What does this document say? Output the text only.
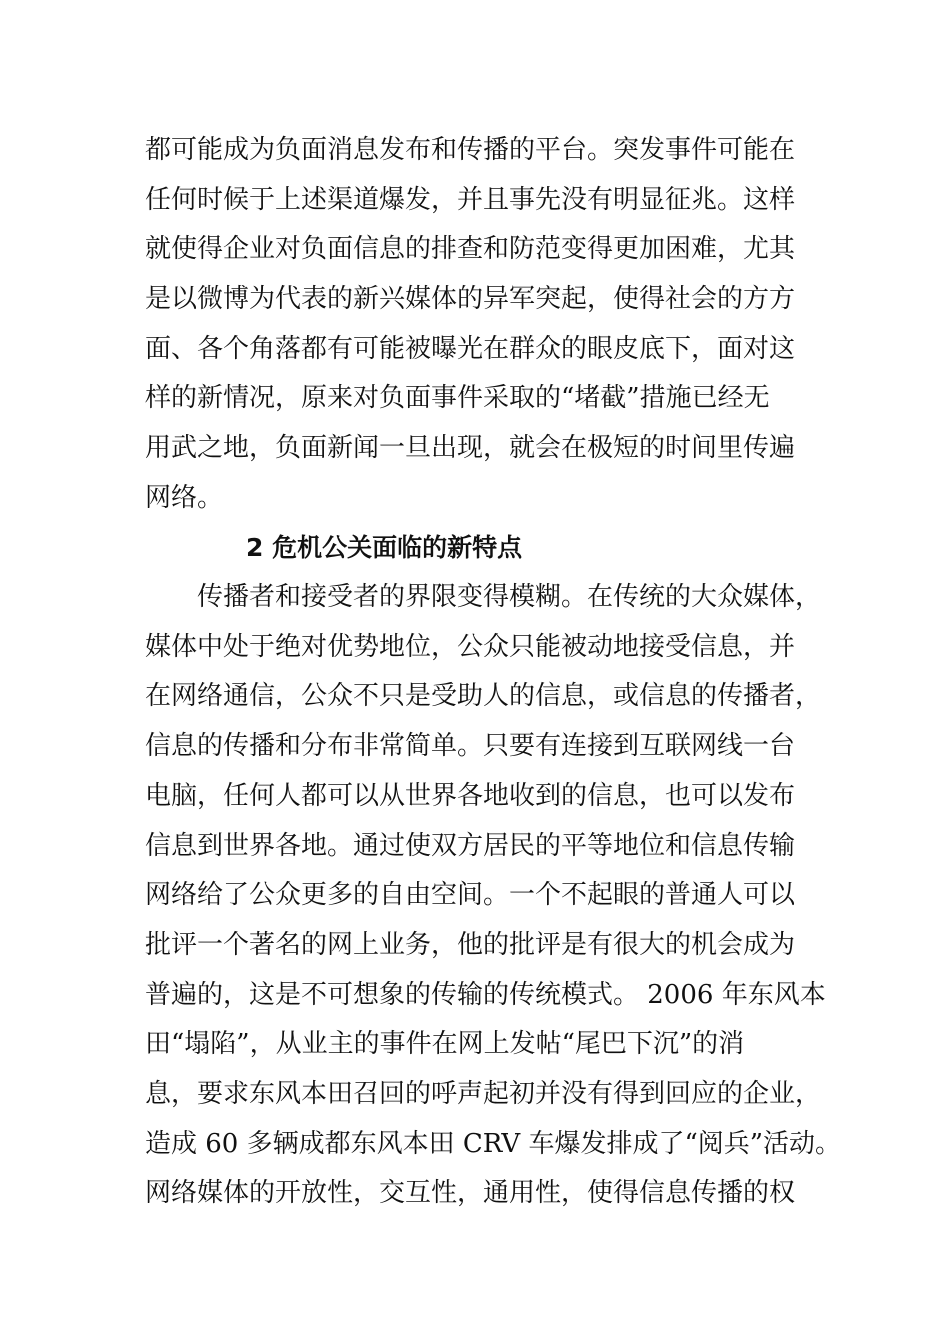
都可能成为负面消息发布和传播的平台。突发事件可能在
任何时候于上述渠道爆发，并且事先没有明显征兆。这样
就使得企业对负面信息的排查和防范变得更加困难，尤其
是以微博为代表的新兴媒体的异军突起，使得社会的方方
面、各个角落都有可能被曝光在群众的眼皮底下，面对这
样的新情况，原来对负面事件采取的“堵截”措施已经无
用武之地，负面新闻一旦出现，就会在极短的时间里传遍
网络。
2 危机公关面临的新特点
传播者和接受者的界限变得模糊。在传统的大众媒体，
媒体中处于绝对优势地位，公众只能被动地接受信息，并
在网络通信，公众不只是受助人的信息，或信息的传播者，
信息的传播和分布非常简单。只要有连接到互联网线一台
电脑，任何人都可以从世界各地收到的信息，也可以发布
信息到世界各地。通过使双方居民的平等地位和信息传输
网络给了公众更多的自由空间。一个不起眼的普通人可以
批评一个著名的网上业务，他的批评是有很大的机会成为
普遍的，这是不可想象的传输的传统模式。 2006 年东风本
田“塌陷”，从业主的事件在网上发帖“尾巴下沉”的消
息，要求东风本田召回的呼声起初并没有得到回应的企业，
造成 60 多辆成都东风本田 CRV 车爆发排成了“阅兵”活动。
网络媒体的开放性，交互性，通用性，使得信息传播的权
